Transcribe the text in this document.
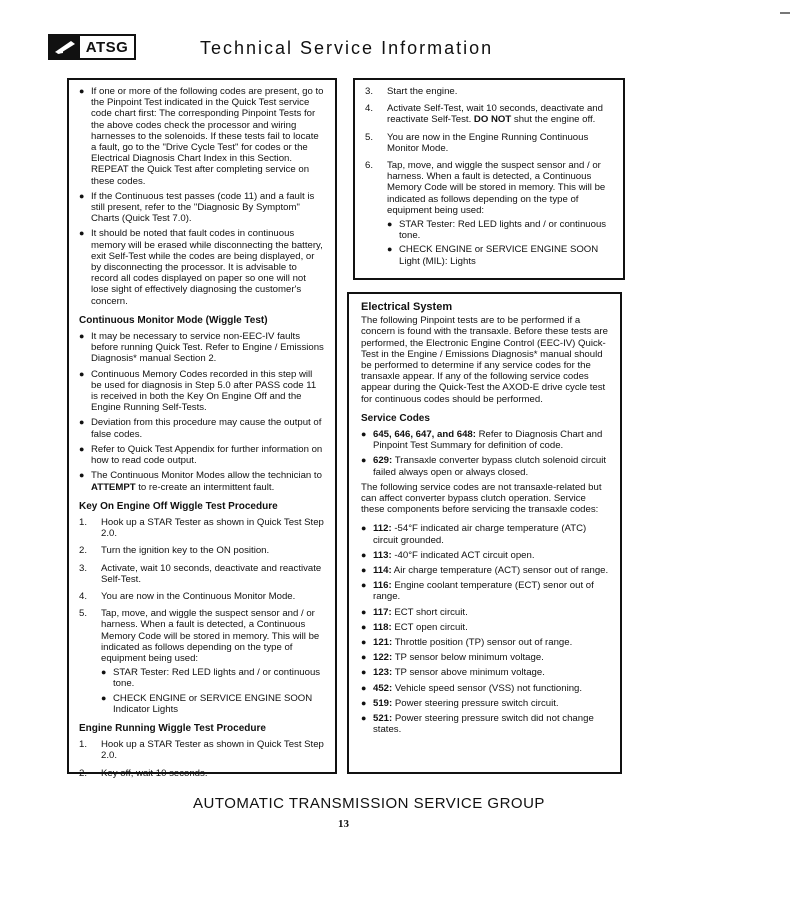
ATSG	Technical Service Information
● If one or more of the following codes are present, go to the Pinpoint Test indicated in the Quick Test service code chart first: The corresponding Pinpoint Tests for the above codes check the processor and wiring harnesses to the solenoids. If these tests fail to locate a fault, go to the "Drive Cycle Test" for codes or the Electrical Diagnosis Chart Index in this Section. REPEAT the Quick Test after completing service on these codes.
● If the Continuous test passes (code 11) and a fault is still present, refer to the "Diagnosic By Symptom" Charts (Quick Test 7.0).
● It should be noted that fault codes in continuous memory will be erased while disconnecting the battery, exit Self-Test while the codes are being displayed, or by disconnecting the processor. It is advisable to record all codes displayed on paper so one will not lose sight of effectively diagnosing the customer's concern.
Continuous Monitor Mode (Wiggle Test)
● It may be necessary to service non-EEC-IV faults before running Quick Test. Refer to Engine / Emissions Diagnosis* manual Section 2.
● Continuous Memory Codes recorded in this step will be used for diagnosis in Step 5.0 after PASS code 11 is received in both the Key On Engine Off and the Engine Running Self-Tests.
● Deviation from this procedure may cause the output of false codes.
● Refer to Quick Test Appendix for further information on how to read code output.
● The Continuous Monitor Modes allow the technician to ATTEMPT to re-create an intermittent fault.
Key On Engine Off Wiggle Test Procedure
1. Hook up a STAR Tester as shown in Quick Test Step 2.0.
2. Turn the ignition key to the ON position.
3. Activate, wait 10 seconds, deactivate and reactivate Self-Test.
4. You are now in the Continuous Monitor Mode.
5. Tap, move, and wiggle the suspect sensor and / or harness. When a fault is detected, a Continuous Memory Code will be stored in memory. This will be indicated as follows depending on the type of equipment being used:
● STAR Tester: Red LED lights and / or continuous tone.
● CHECK ENGINE or SERVICE ENGINE SOON Indicator Lights
Engine Running Wiggle Test Procedure
1. Hook up a STAR Tester as shown in Quick Test Step 2.0.
2. Key off, wait 10 seconds.
3. Start the engine.
4. Activate Self-Test, wait 10 seconds, deactivate and reactivate Self-Test. DO NOT shut the engine off.
5. You are now in the Engine Running Continuous Monitor Mode.
6. Tap, move, and wiggle the suspect sensor and / or harness. When a fault is detected, a Continuous Memory Code will be stored in memory. This will be indicated as follows depending on the type of equipment being used:
● STAR Tester: Red LED lights and / or continuous tone.
● CHECK ENGINE or SERVICE ENGINE SOON Light (MIL): Lights
Electrical System
The following Pinpoint tests are to be performed if a concern is found with the transaxle. Before these tests are performed, the Electronic Engine Control (EEC-IV) Quick-Test in the Engine / Emissions Diagnosis* manual should be performed to determine if any service codes for the transaxle appear. If any of the following service codes appear during the Quick-Test the AXOD-E drive cycle test for continuous codes should be performed.
Service Codes
● 645, 646, 647, and 648: Refer to Diagnosis Chart and Pinpoint Test Summary for definition of code.
● 629: Transaxle converter bypass clutch solenoid circuit failed always open or always closed.
The following service codes are not transaxle-related but can affect converter bypass clutch operation. Service these components before servicing the transaxle codes:
● 112: -54°F indicated air charge temperature (ATC) circuit grounded.
● 113: -40°F indicated ACT circuit open.
● 114: Air charge temperature (ACT) sensor out of range.
● 116: Engine coolant temperature (ECT) senor out of range.
● 117: ECT short circuit.
● 118: ECT open circuit.
● 121: Throttle position (TP) sensor out of range.
● 122: TP sensor below minimum voltage.
● 123: TP sensor above minimum voltage.
● 452: Vehicle speed sensor (VSS) not functioning.
● 519: Power steering pressure switch circuit.
● 521: Power steering pressure switch did not change states.
AUTOMATIC TRANSMISSION SERVICE GROUP
13
